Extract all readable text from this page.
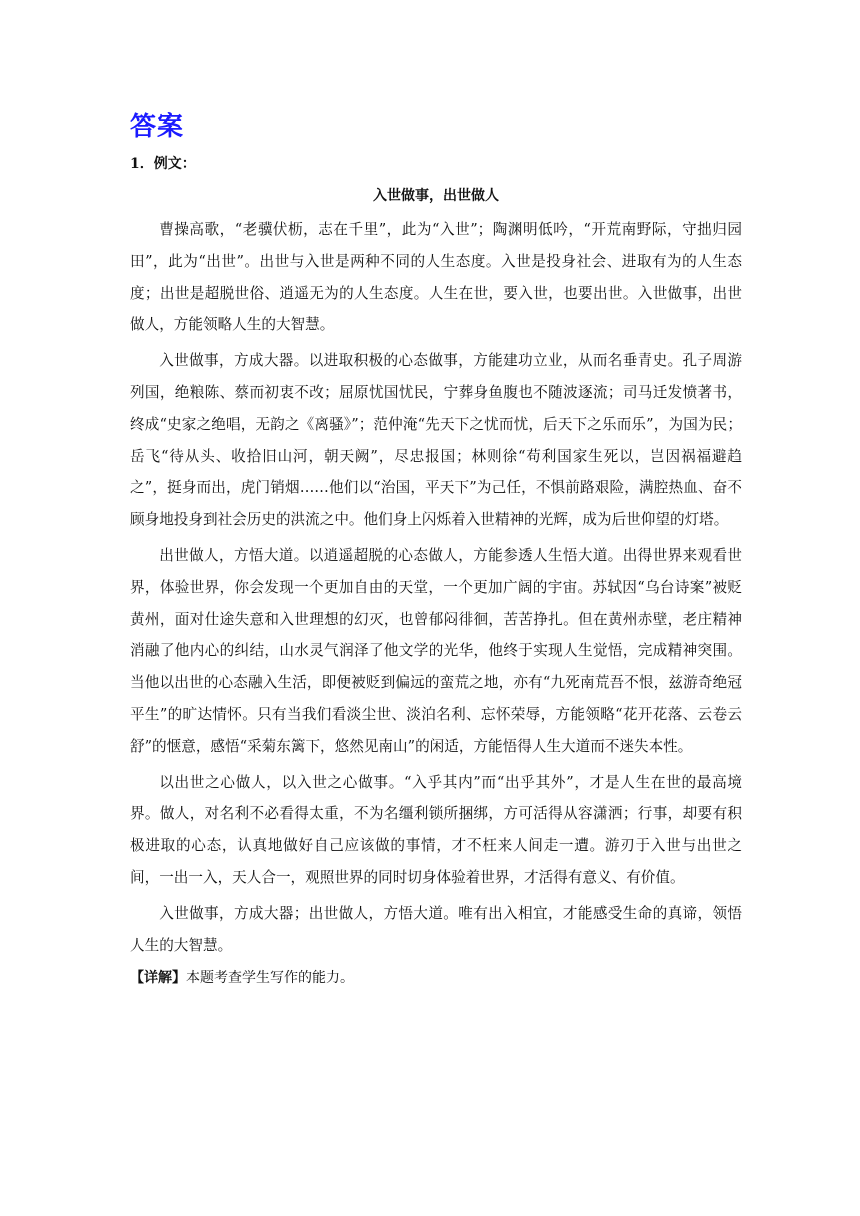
答案
1．例文：
入世做事，出世做人

曹操高歌，“老骥伏枥，志在千里”，此为“入世”；陶渊明低吟，“开荒南野际，守拙归园田”，此为“出世”。出世与入世是两种不同的人生态度。入世是投身社会、进取有为的人生态度；出世是超脱世俗、逍遥无为的人生态度。人生在世，要入世，也要出世。入世做事，出世做人，方能领略人生的大智慧。

入世做事，方成大器。以进取积极的心态做事，方能建功立业，从而名垂青史。孔子周游列国，绝粮陈、蔡而初衷不改；屈原忧国忧民，宁葬身鱼腹也不随波逐流；司马迁发愤著书，终成“史家之绝唱，无韵之《离骚》”；范仲淹“先天下之忧而忧，后天下之乐而乐”，为国为民；岳飞“待从头、收拾旧山河，朝天阙”，尽忠报国；林则徐“苟利国家生死以，岂因祸福避趋之”，挺身而出，虎门销烟……他们以“治国，平天下”为己任，不惧前路艰险，满腔热血、奋不顾身地投身到社会历史的洪流之中。他们身上闪烁着入世精神的光辉，成为后世仰望的灯塔。

出世做人，方悟大道。以逍遥超脱的心态做人，方能参透人生悟大道。出得世界来观看世界，体验世界，你会发现一个更加自由的天堂，一个更加广阔的宇宙。苏轼因“乌台诗案”被贬黄州，面对仕途失意和入世理想的幻灭，也曾郁闷徘徊，苦苦挣扎。但在黄州赤壁，老庄精神消融了他内心的纠结，山水灵气润泽了他文学的光华，他终于实现人生觉悟，完成精神突围。当他以出世的心态融入生活，即便被贬到偏远的蛮荒之地，亦有“九死南荒吾不恨，兹游奇绝冠平生”的旷达情怀。只有当我们看淡尘世、淡泊名利、忘怀荣辱，方能领略“花开花落、云卷云舒”的惬意，感悟“采菊东篱下，悠然见南山”的闲适，方能悟得人生大道而不迷失本性。

以出世之心做人，以入世之心做事。“入乎其内”而“出乎其外”，才是人生在世的最高境界。做人，对名利不必看得太重，不为名缰利锁所捆绑，方可活得从容潇洒；行事，却要有积极进取的心态，认真地做好自己应该做的事情，才不枉来人间走一遭。游刃于入世与出世之间，一出一入，天人合一，观照世界的同时切身体验着世界，才活得有意义、有价值。

入世做事，方成大器；出世做人，方悟大道。唯有出入相宜，才能感受生命的真谛，领悟人生的大智慧。

【详解】本题考查学生写作的能力。
